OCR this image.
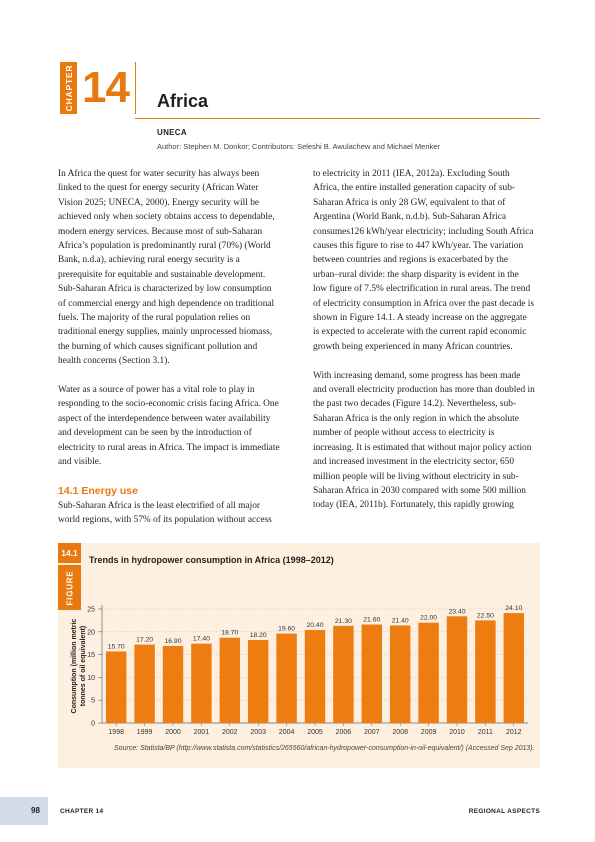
CHAPTER 14 Africa
UNECA
Author: Stephen M. Donkor; Contributors: Seleshi B. Awulachew and Michael Menker

In Africa the quest for water security has always been linked to the quest for energy security (African Water Vision 2025; UNECA, 2000). Energy security will be achieved only when society obtains access to dependable, modern energy services. Because most of sub-Saharan Africa’s population is predominantly rural (70%) (World Bank, n.d.a), achieving rural energy security is a prerequisite for equitable and sustainable development. Sub-Saharan Africa is characterized by low consumption of commercial energy and high dependence on traditional fuels. The majority of the rural population relies on traditional energy supplies, mainly unprocessed biomass, the burning of which causes significant pollution and health concerns (Section 3.1).

Water as a source of power has a vital role to play in responding to the socio-economic crisis facing Africa. One aspect of the interdependence between water availability and development can be seen by the introduction of electricity to rural areas in Africa. The impact is immediate and visible.

14.1 Energy use

Sub-Saharan Africa is the least electrified of all major world regions, with 57% of its population without access

to electricity in 2011 (IEA, 2012a). Excluding South Africa, the entire installed generation capacity of sub-Saharan Africa is only 28 GW, equivalent to that of Argentina (World Bank, n.d.b). Sub-Saharan Africa consumes126 kWh/year electricity; including South Africa causes this figure to rise to 447 kWh/year. The variation between countries and regions is exacerbated by the urban–rural divide: the sharp disparity is evident in the low figure of 7.5% electrification in rural areas. The trend of electricity consumption in Africa over the past decade is shown in Figure 14.1. A steady increase on the aggregate is expected to accelerate with the current rapid economic growth being experienced in many African countries.

With increasing demand, some progress has been made and overall electricity production has more than doubled in the past two decades (Figure 14.2). Nevertheless, sub-Saharan Africa is the only region in which the absolute number of people without access to electricity is increasing. It is estimated that without major policy action and increased investment in the electricity sector, 650 million people will be living without electricity in sub-Saharan Africa in 2030 compared with some 500 million today (IEA, 2011b). Fortunately, this rapidly growing

14.1
FIGURE
Trends in hydropower consumption in Africa (1998–2012)
0
5
10
15
20
25
Consumption (million metric tonnes of oil equivalent)	15.70
1998
17.20
1999
16.90
2000
17.40
2001
18.70
2002
18.20
2003
19.60
2004
20.40
2005
21.30
2006
21.60
2007
21.40
2008
22.00
2009
23.40
2010
22.50
2011
24.10
2012
Source: Statista/BP (http://www.statista.com/statistics/265560/african-hydropower-consumption-in-oil-equivalent/) (Accessed Sep 2013).
98	CHAPTER 14	REGIONAL ASPECTS
